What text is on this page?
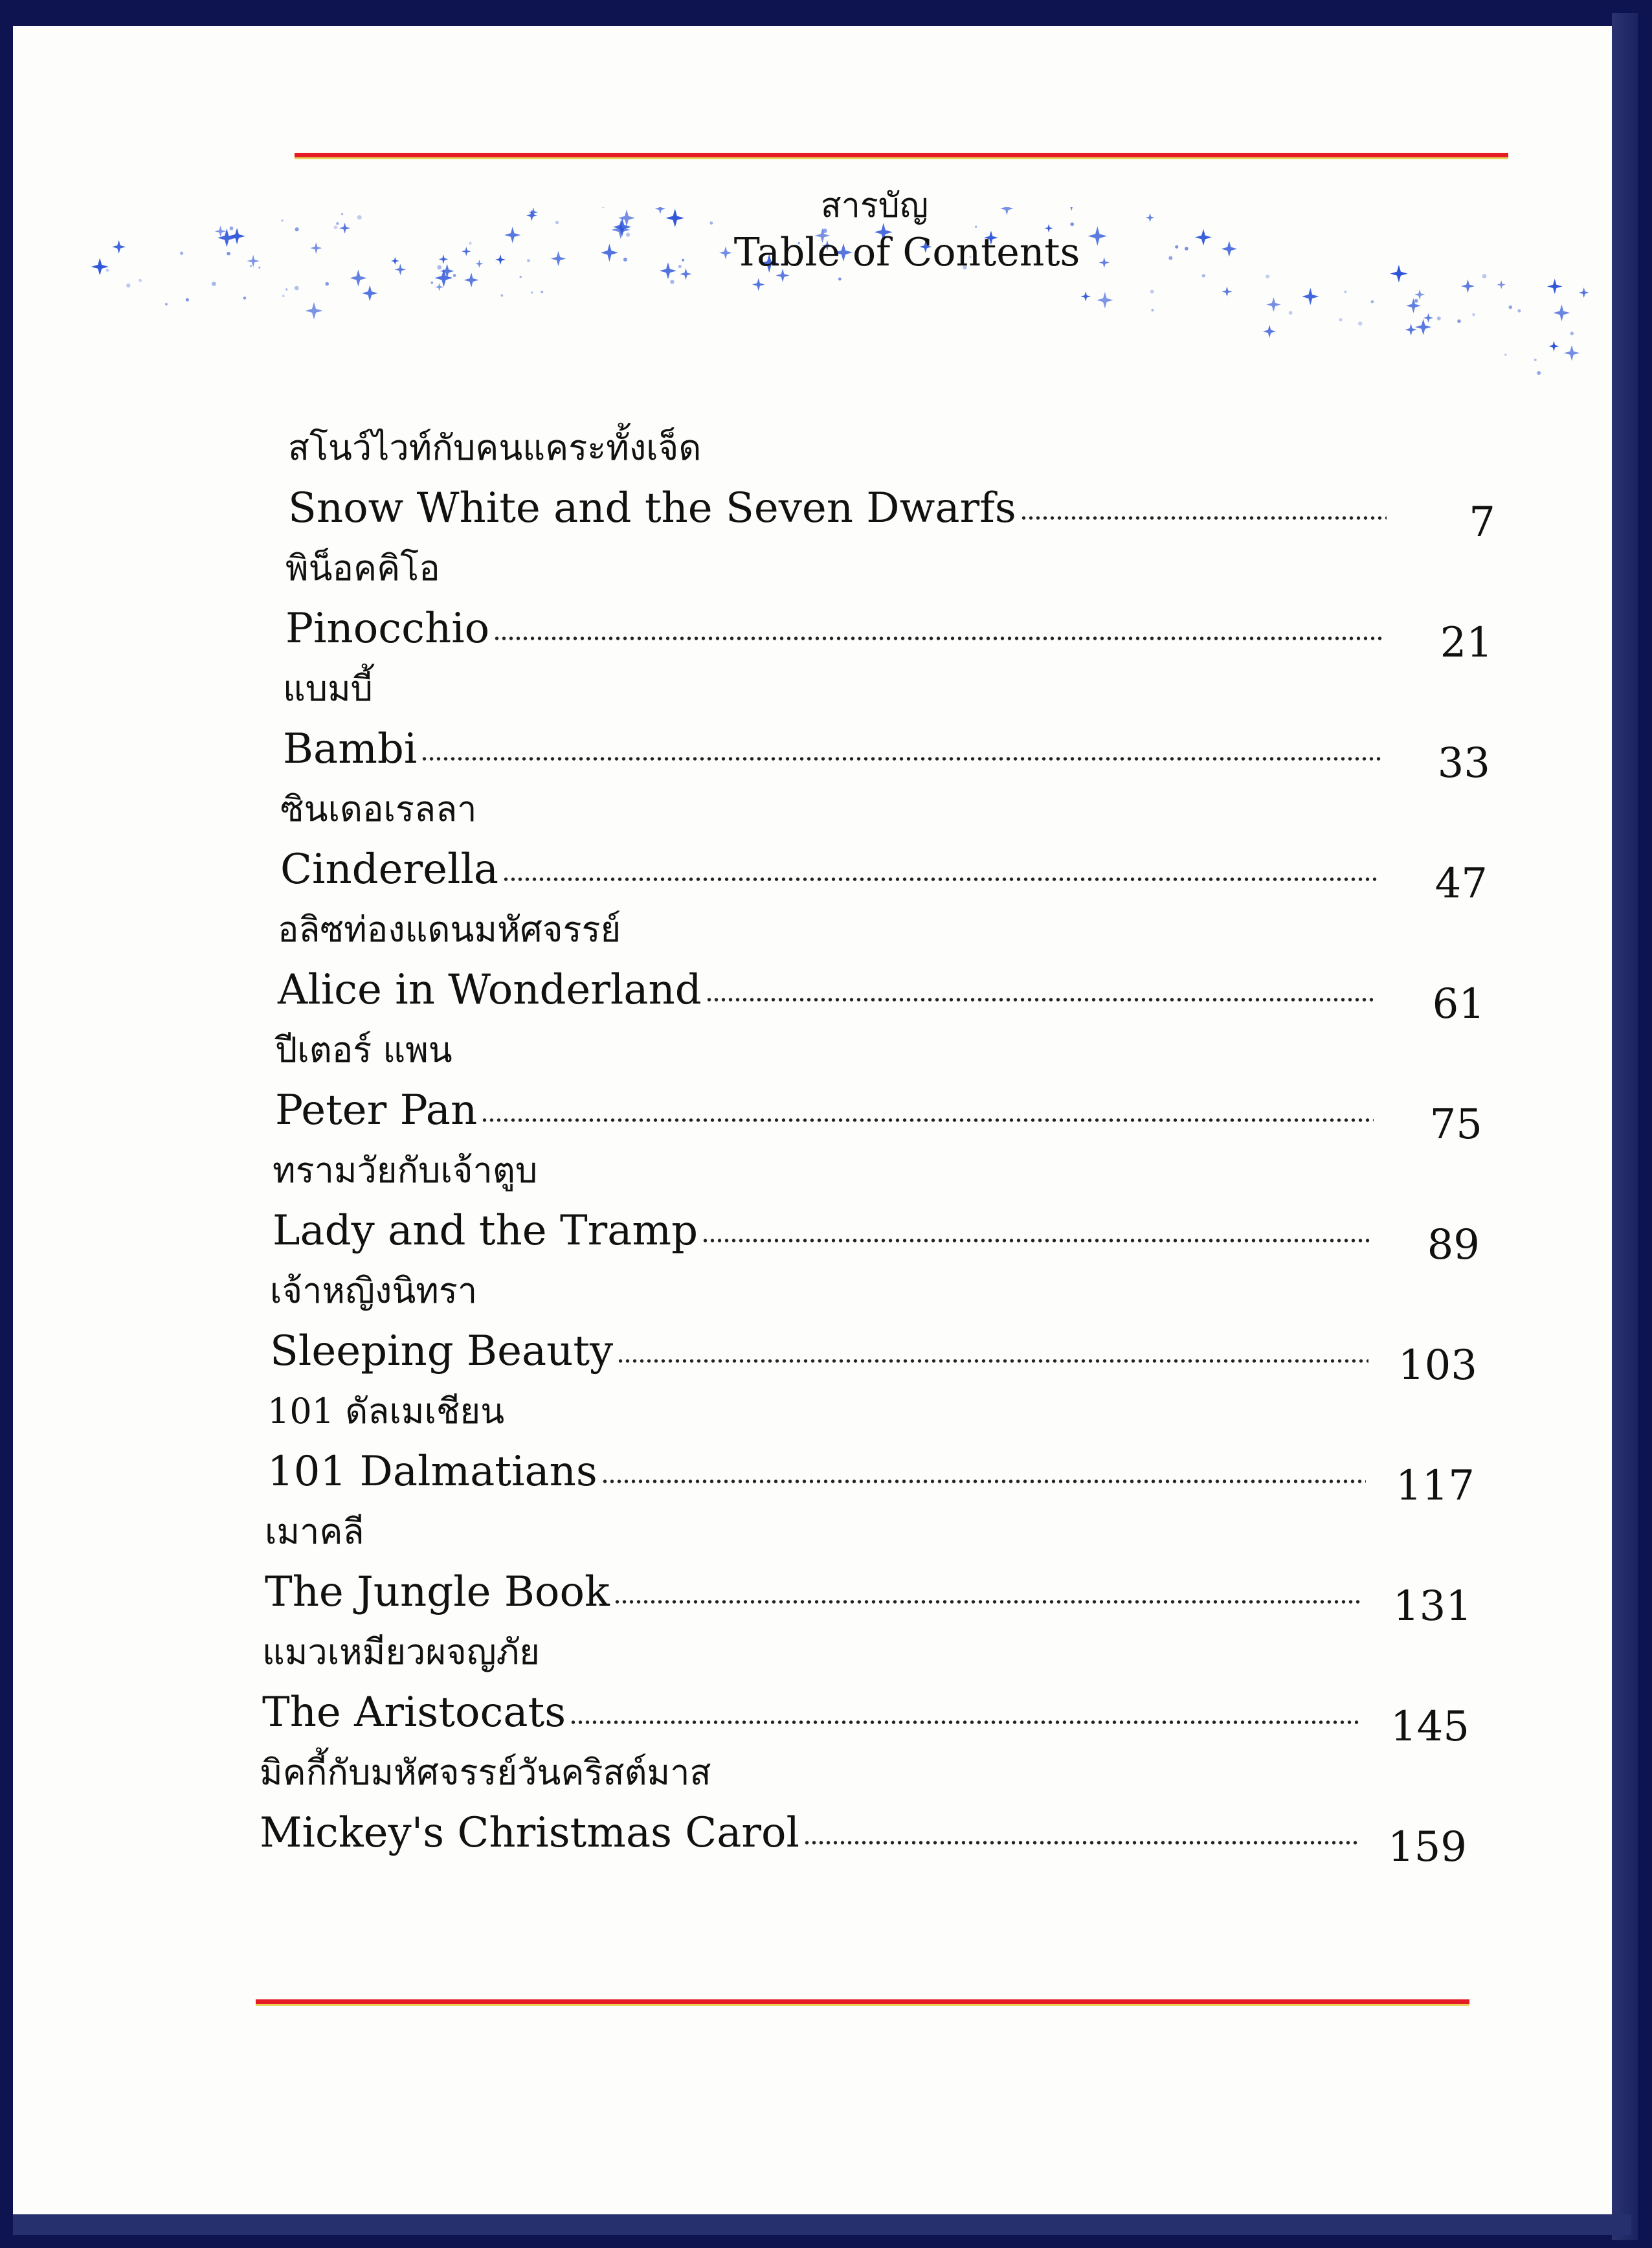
สารบัญ
Table of Contents
สโนว์ไวท์กับคนแคระทั้งเจ็ด
Snow White and the Seven Dwarfs	7
พิน็อคคิโอ
Pinocchio	21
แบมบี้
Bambi	33
ซินเดอเรลลา
Cinderella	47
อลิซท่องแดนมหัศจรรย์
Alice in Wonderland	61
ปีเตอร์ แพน
Peter Pan	75
ทรามวัยกับเจ้าตูบ
Lady and the Tramp	89
เจ้าหญิงนิทรา
Sleeping Beauty	103
101 ดัลเมเชียน
101 Dalmatians	117
เมาคลี
The Jungle Book	131
แมวเหมียวผจญภัย
The Aristocats	145
มิคกี้กับมหัศจรรย์วันคริสต์มาส
Mickey's Christmas Carol	159
